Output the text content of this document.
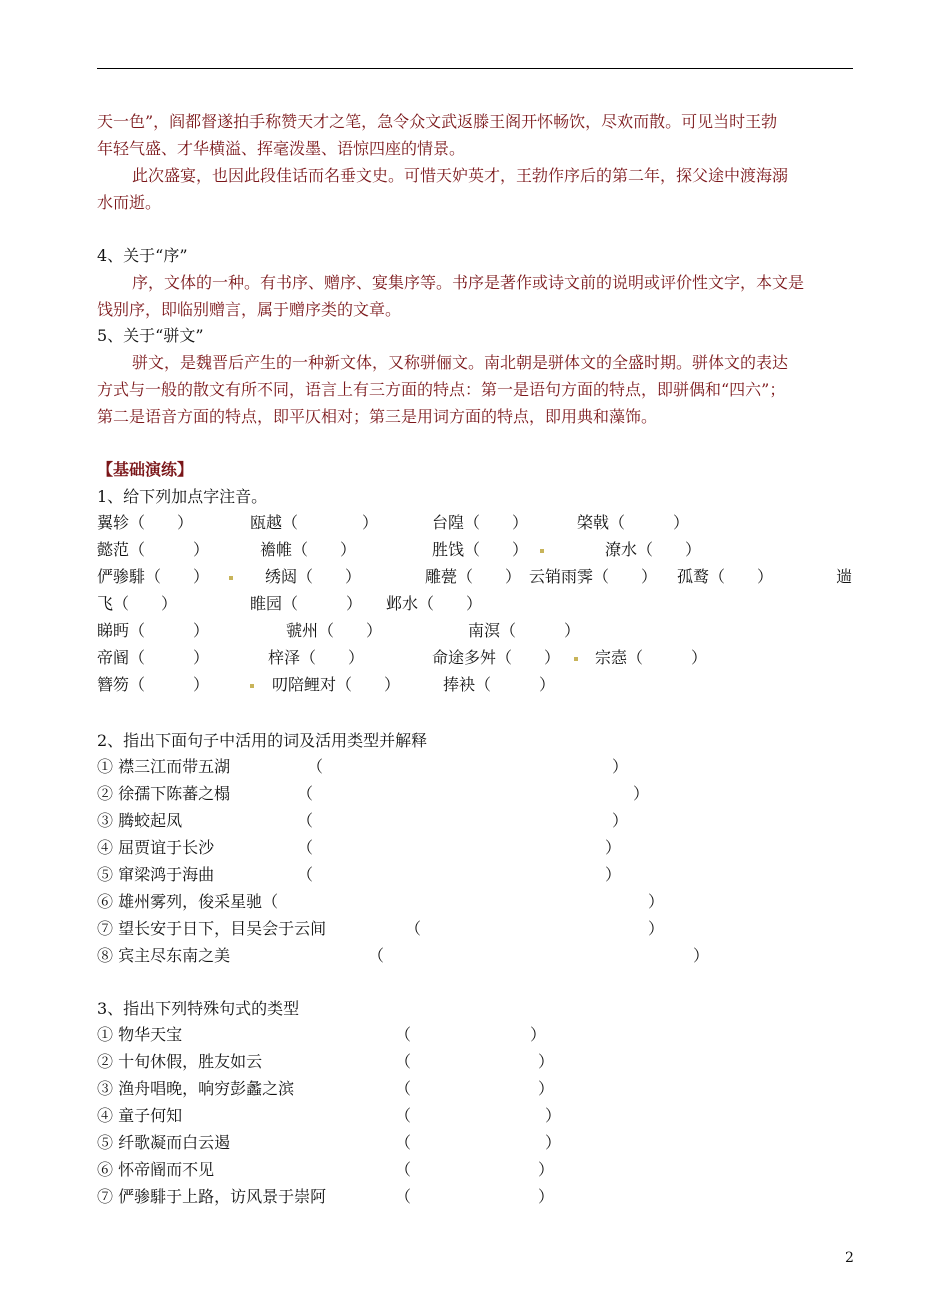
天一色”，阎都督遂拍手称赞天才之笔，急令众文武返滕王阁开怀畅饮，尽欢而散。可见当时王勃
年轻气盛、才华横溢、挥毫泼墨、语惊四座的情景。
此次盛宴，也因此段佳话而名垂文史。可惜天妒英才，王勃作序后的第二年，探父途中渡海溺
水而逝。
4、关于“序”
序，文体的一种。有书序、赠序、宴集序等。书序是著作或诗文前的说明或评价性文字，本文是
饯别序，即临别赠言，属于赠序类的文章。
5、关于“骈文”
骈文，是魏晋后产生的一种新文体，又称骈俪文。南北朝是骈体文的全盛时期。骈体文的表达
方式与一般的散文有所不同，语言上有三方面的特点：第一是语句方面的特点，即骈偶和“四六”；
第二是语音方面的特点，即平仄相对；第三是用词方面的特点，即用典和藻饰。
【基础演练】
1、给下列加点字注音。
翼轸（　　）	瓯越（　　　　）	台隍（　　）	棨戟（　　　）
懿范（　　　）	襜帷（　　）	胜饯（　　）	潦水（　　）
俨骖騑（　　）	绣闼（　　）	雕甍（　　） 云销雨霁（　　） 孤鹜（　　）	遄
飞（　　）	睢园（　　　） 邺水（　　）
睇眄（　　　）	虢州（　　）	南溟（　　　）
帝阍（　　　）	梓泽（　　）	命途多舛（　　） 宗悫（　　　）
簪笏（　　　）	叨陪鲤对（　　）	捧袂（　　　）
2、指出下面句子中活用的词及活用类型并解释
① 襟三江而带五湖	（	）
② 徐孺下陈蕃之榻	（	）
③ 腾蛟起凤	（	）
④ 屈贾谊于长沙	（	）
⑤ 窜梁鸿于海曲	（	）
⑥ 雄州雾列，俊采星驰（	）
⑦ 望长安于日下，目吴会于云间	（	）
⑧ 宾主尽东南之美	（	）
3、指出下列特殊句式的类型
① 物华天宝	（	）
② 十旬休假，胜友如云	（	）
③ 渔舟唱晚，响穷彭蠡之滨	（	）
④ 童子何知	（	）
⑤ 纤歌凝而白云遏	（	）
⑥ 怀帝阍而不见	（	）
⑦ 俨骖騑于上路，访风景于崇阿	（	）
2
